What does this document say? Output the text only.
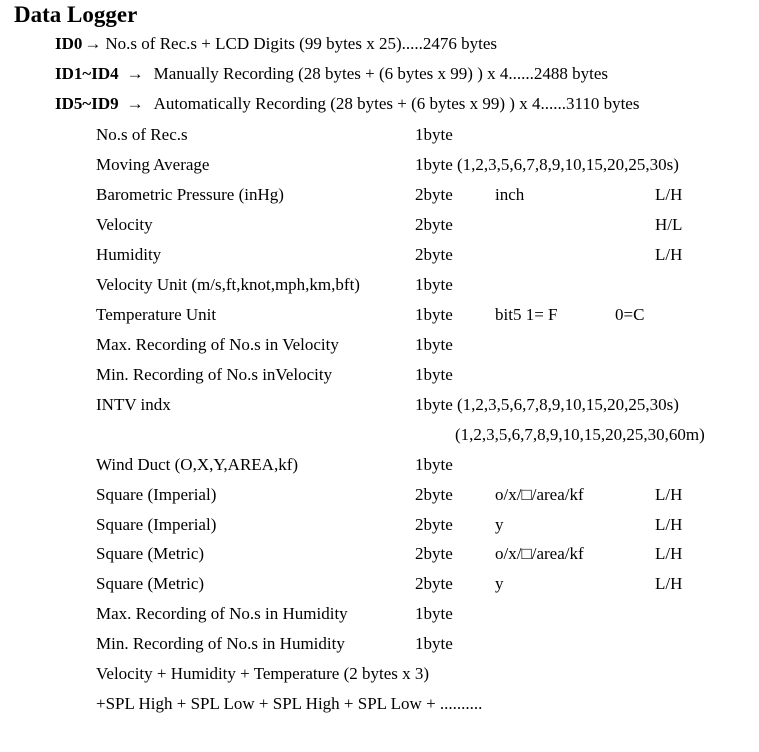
Data Logger
ID0 → No.s of Rec.s + LCD Digits (99 bytes x 25).....2476 bytes
ID1~ID4 → Manually Recording (28 bytes + (6 bytes x 99) ) x 4......2488 bytes
ID5~ID9 → Automatically Recording (28 bytes + (6 bytes x 99) ) x 4......3110 bytes
No.s of Rec.s	1byte
Moving Average	1byte (1,2,3,5,6,7,8,9,10,15,20,25,30s)
Barometric Pressure (inHg)	2byte inch	L/H
Velocity	2byte	H/L
Humidity	2byte	L/H
Velocity Unit (m/s,ft,knot,mph,km,bft)	1byte
Temperature Unit	1byte bit5 1= F	0=C
Max. Recording of No.s in Velocity	1byte
Min. Recording of No.s inVelocity	1byte
INTV indx	1byte (1,2,3,5,6,7,8,9,10,15,20,25,30s)
(1,2,3,5,6,7,8,9,10,15,20,25,30,60m)
Wind Duct (O,X,Y,AREA,kf)	1byte
Square (Imperial)	2byte o/x/□/area/kf	L/H
Square (Imperial)	2byte y	L/H
Square (Metric)	2byte o/x/□/area/kf	L/H
Square (Metric)	2byte y	L/H
Max. Recording of No.s in Humidity	1byte
Min. Recording of No.s in Humidity	1byte
Velocity + Humidity + Temperature (2 bytes x 3)
+SPL High + SPL Low + SPL High + SPL Low + ..........
